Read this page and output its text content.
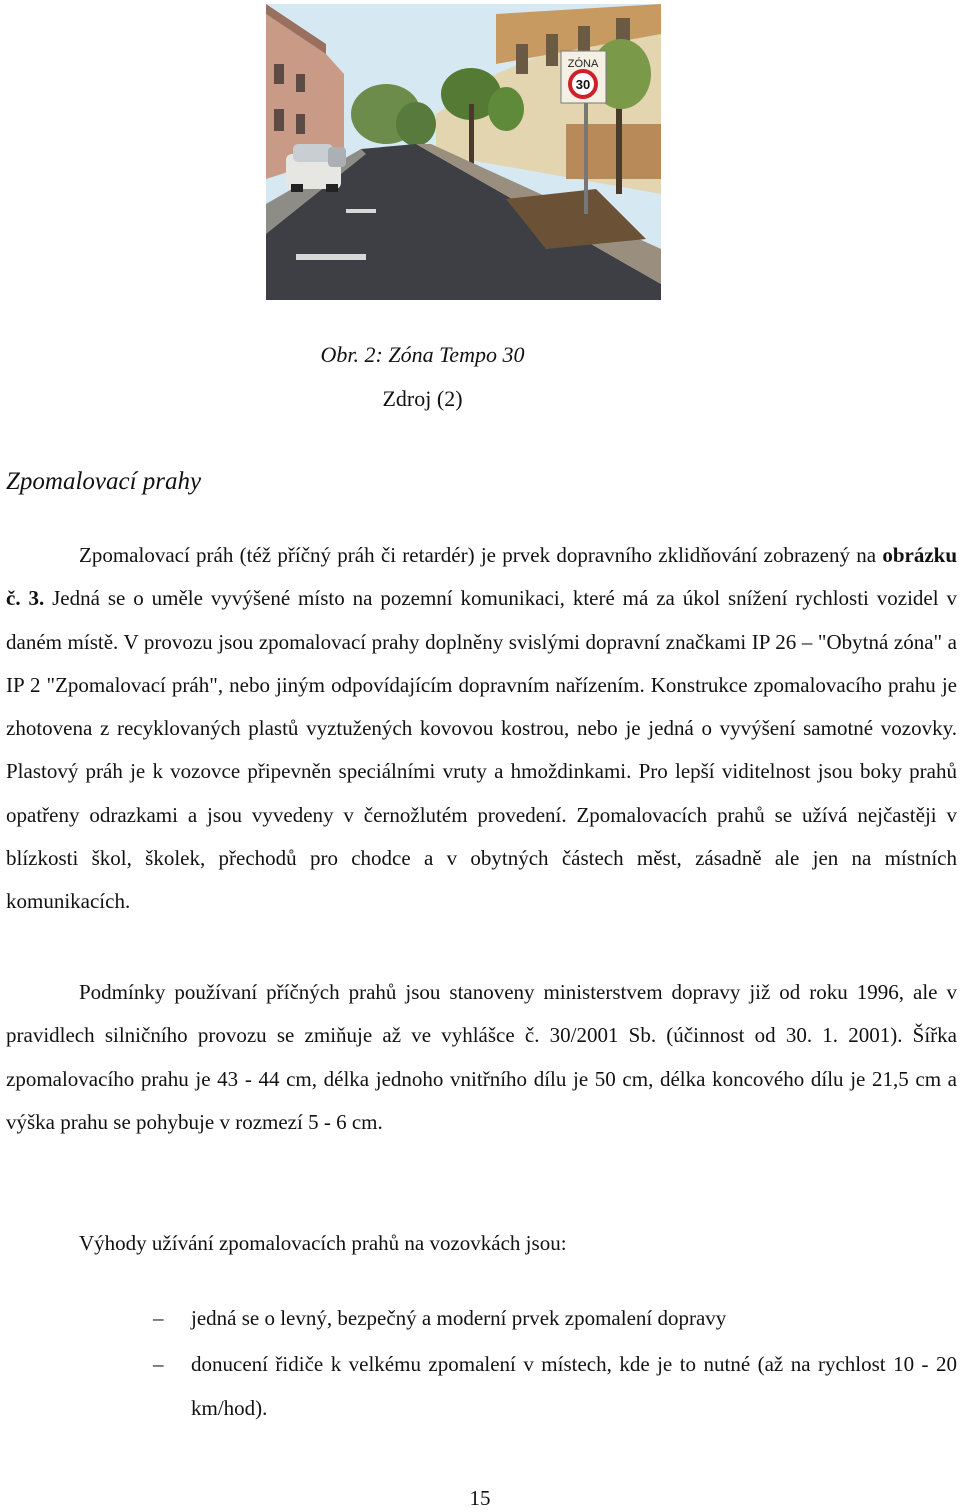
ZÓNA
30
Obr. 2: Zóna Tempo 30
Zdroj (2)
Zpomalovací prahy

Zpomalovací práh (též příčný práh či retardér) je prvek dopravního zklidňování zobrazený na obrázku č. 3. Jedná se o uměle vyvýšené místo na pozemní komunikaci, které má za úkol snížení rychlosti vozidel v daném místě. V provozu jsou zpomalovací prahy doplněny svislými dopravní značkami IP 26 – "Obytná zóna" a IP 2 "Zpomalovací práh", nebo jiným odpovídajícím dopravním nařízením. Konstrukce zpomalovacího prahu je zhotovena z recyklovaných plastů vyztužených kovovou kostrou, nebo je jedná o vyvýšení samotné vozovky. Plastový práh je k vozovce připevněn speciálními vruty a hmoždinkami. Pro lepší viditelnost jsou boky prahů opatřeny odrazkami a jsou vyvedeny v černožlutém provedení. Zpomalovacích prahů se užívá nejčastěji v blízkosti škol, školek, přechodů pro chodce a v obytných částech měst, zásadně ale jen na místních komunikacích.

Podmínky používaní příčných prahů jsou stanoveny ministerstvem dopravy již od roku 1996, ale v pravidlech silničního provozu se zmiňuje až ve vyhlášce č. 30/2001 Sb. (účinnost od 30. 1. 2001). Šířka zpomalovacího prahu je 43 - 44 cm, délka jednoho vnitřního dílu je 50 cm, délka koncového dílu je 21,5 cm a výška prahu se pohybuje v rozmezí 5 - 6 cm.

Výhody užívání zpomalovacích prahů na vozovkách jsou:

– jedná se o levný, bezpečný a moderní prvek zpomalení dopravy
– donucení řidiče k velkému zpomalení v místech, kde je to nutné (až na rychlost 10 - 20 km/hod).
15
